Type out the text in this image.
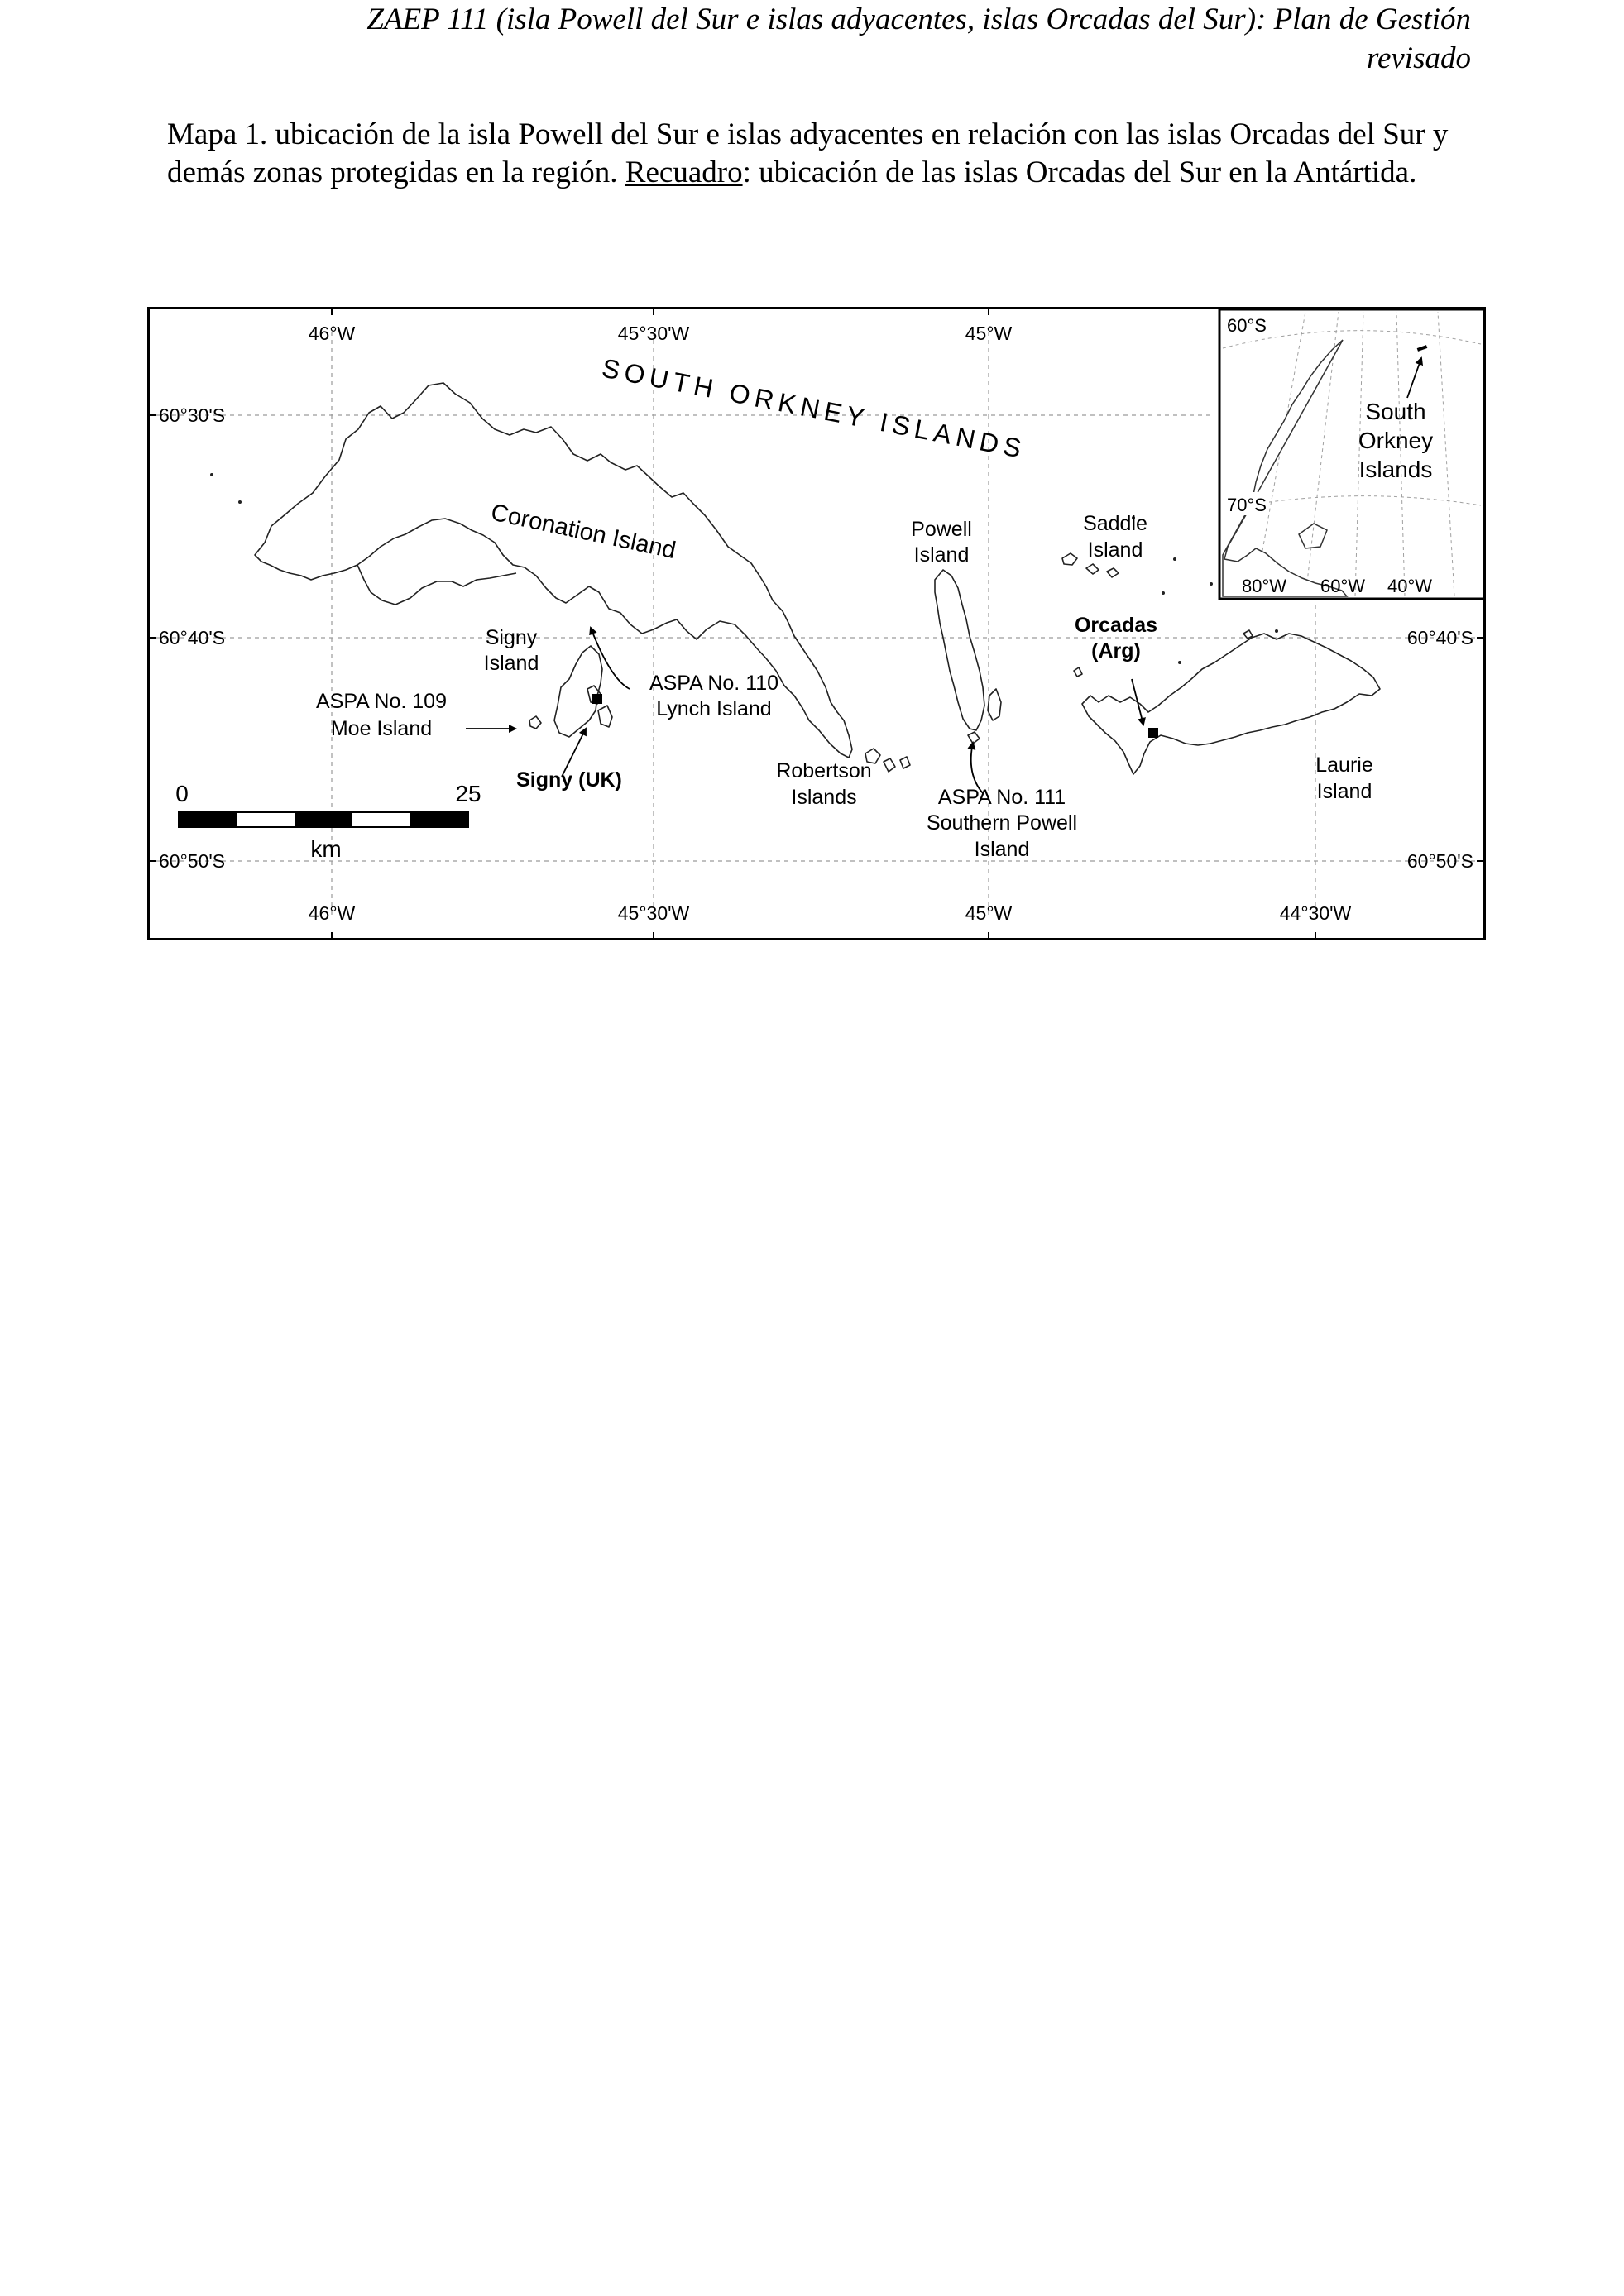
ZAEP 111 (isla Powell del Sur e islas adyacentes, islas Orcadas del Sur): Plan de Gestión
revisado
Mapa 1. ubicación de la isla Powell del Sur e islas adyacentes en relación con las islas Orcadas del Sur y demás zonas protegidas en la región. Recuadro: ubicación de las islas Orcadas del Sur en la Antártida.
46°W	45°30'W	45°W
46°W	45°30'W	45°W	44°30'W
60°30'S
60°40'S
60°50'S
60°40'S
60°50'S
SOUTH ORKNEY ISLANDS
Coronation Island	Powell Island
Saddle Island
Signy Island
ASPA No. 110 Lynch Island
ASPA No. 109 Moe Island
Robertson Islands	ASPA No. 111 Southern Powell Island
Laurie Island
Orcadas (Arg)
Signy (UK)
0	25
km
60°S
70°S
80°W 60°W 40°W
South Orkney Islands
